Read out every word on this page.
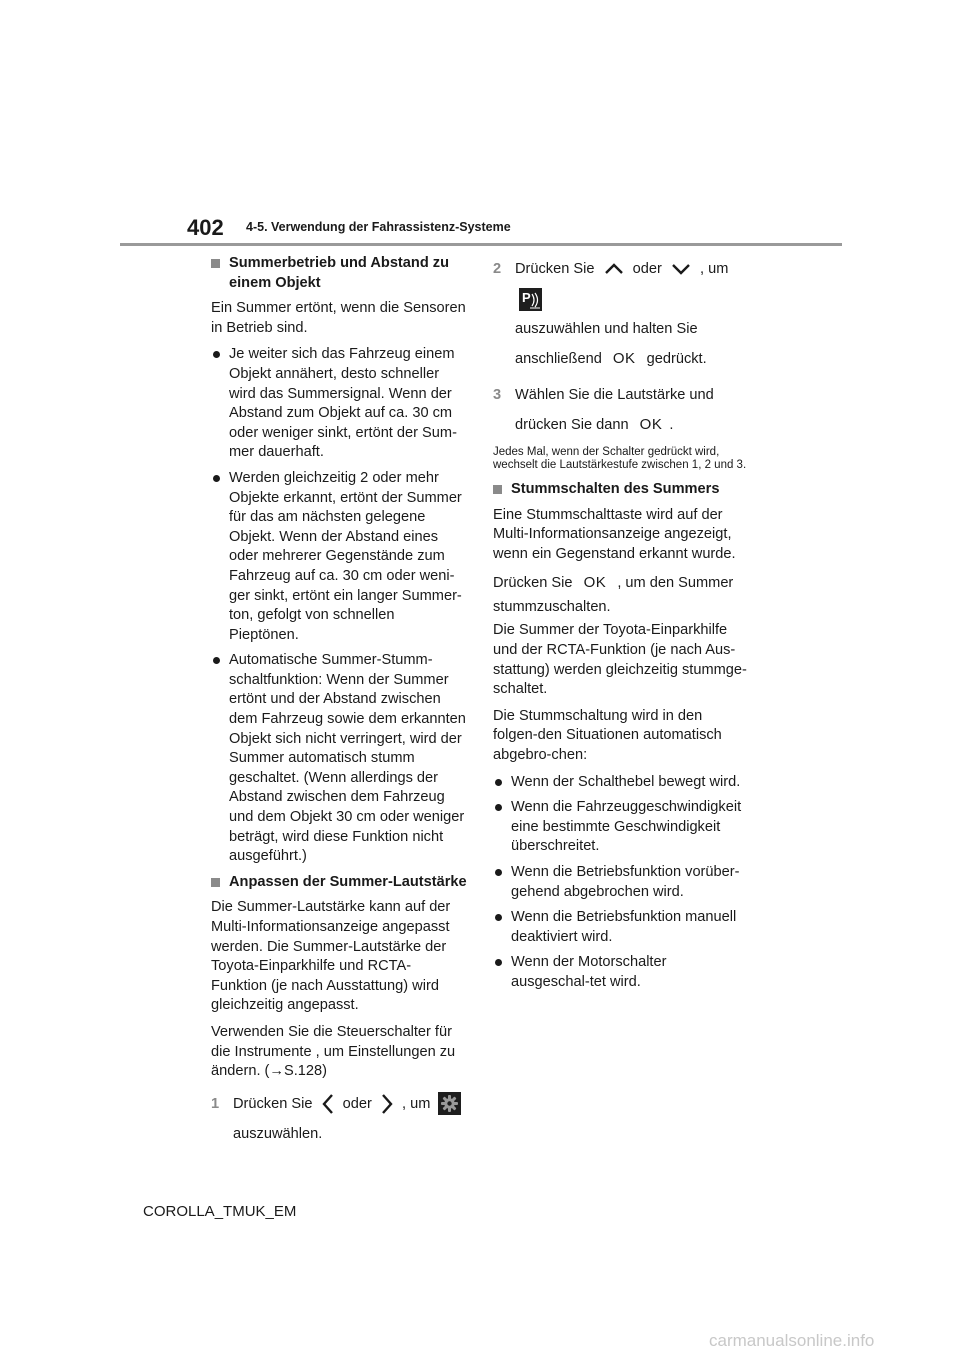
402 4-5. Verwendung der Fahrassistenz-Systeme
Summerbetrieb und Abstand zu einem Objekt

Ein Summer ertönt, wenn die Sensoren in Betrieb sind.

Je weiter sich das Fahrzeug einem Objekt annähert, desto schneller wird das Summersignal. Wenn der Abstand zum Objekt auf ca. 30 cm oder weniger sinkt, ertönt der Sum-mer dauerhaft.
Werden gleichzeitig 2 oder mehr Objekte erkannt, ertönt der Summer für das am nächsten gelegene Objekt. Wenn der Abstand eines oder mehrerer Gegenstände zum Fahrzeug auf ca. 30 cm oder weni-ger sinkt, ertönt ein langer Summer-ton, gefolgt von schnellen Pieptönen.
Automatische Summer-Stumm-schaltfunktion: Wenn der Summer ertönt und der Abstand zwischen dem Fahrzeug sowie dem erkannten Objekt sich nicht verringert, wird der Summer automatisch stumm geschaltet. (Wenn allerdings der Abstand zwischen dem Fahrzeug und dem Objekt 30 cm oder weniger beträgt, wird diese Funktion nicht ausgeführt.)
Anpassen der Summer-Lautstärke

Die Summer-Lautstärke kann auf der Multi-Informationsanzeige angepasst werden. Die Summer-Lautstärke der Toyota-Einparkhilfe und RCTA-Funktion (je nach Ausstattung) wird gleichzeitig angepasst.

Verwenden Sie die Steuerschalter für die Instrumente , um Einstellungen zu ändern. (→S.128)

1 Drücken Sie oder , um

auszuwählen.
2 Drücken Sie	oder	, um
P

auszuwählen und halten Sie anschließend OK gedrückt.
3 Wählen Sie die Lautstärke und drücken Sie dann OK .

Jedes Mal, wenn der Schalter gedrückt wird, wechselt die Lautstärkestufe zwischen 1, 2 und 3.

Stummschalten des Summers

Eine Stummschalttaste wird auf der Multi-Informationsanzeige angezeigt, wenn ein Gegenstand erkannt wurde.

Drücken Sie OK , um den Summer stummzuschalten.

Die Summer der Toyota-Einparkhilfe und der RCTA-Funktion (je nach Aus-stattung) werden gleichzeitig stummge-schaltet.

Die Stummschaltung wird in den folgen-den Situationen automatisch abgebro-chen:

Wenn der Schalthebel bewegt wird.
Wenn die Fahrzeuggeschwindigkeit eine bestimmte Geschwindigkeit überschreitet.
Wenn die Betriebsfunktion vorüber-gehend abgebrochen wird.
Wenn die Betriebsfunktion manuell deaktiviert wird.
Wenn der Motorschalter ausgeschal-tet wird.
COROLLA_TMUK_EM
carmanualsonline.info
